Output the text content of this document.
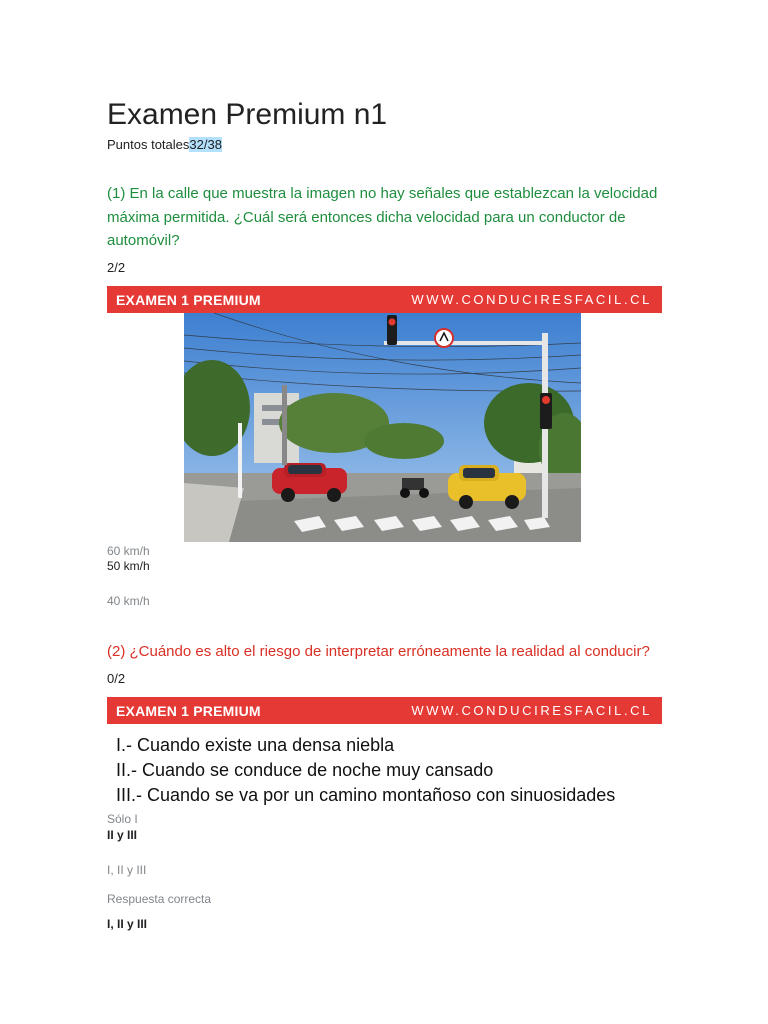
Examen Premium n1
Puntos totales32/38
(1) En la calle que muestra la imagen no hay señales que establezcan la velocidad máxima permitida. ¿Cuál será entonces dicha velocidad para un conductor de automóvil?
2/2
EXAMEN 1 PREMIUM	WWW.CONDUCIRESFACIL.CL
60 km/h
50 km/h
40 km/h
(2) ¿Cuándo es alto el riesgo de interpretar erróneamente la realidad al conducir?
0/2
EXAMEN 1 PREMIUM	WWW.CONDUCIRESFACIL.CL
I.- Cuando existe una densa niebla
II.- Cuando se conduce de noche muy cansado
III.- Cuando se va por un camino montañoso con sinuosidades
Sólo I
II y III
I, II y III
Respuesta correcta
I, II y III
